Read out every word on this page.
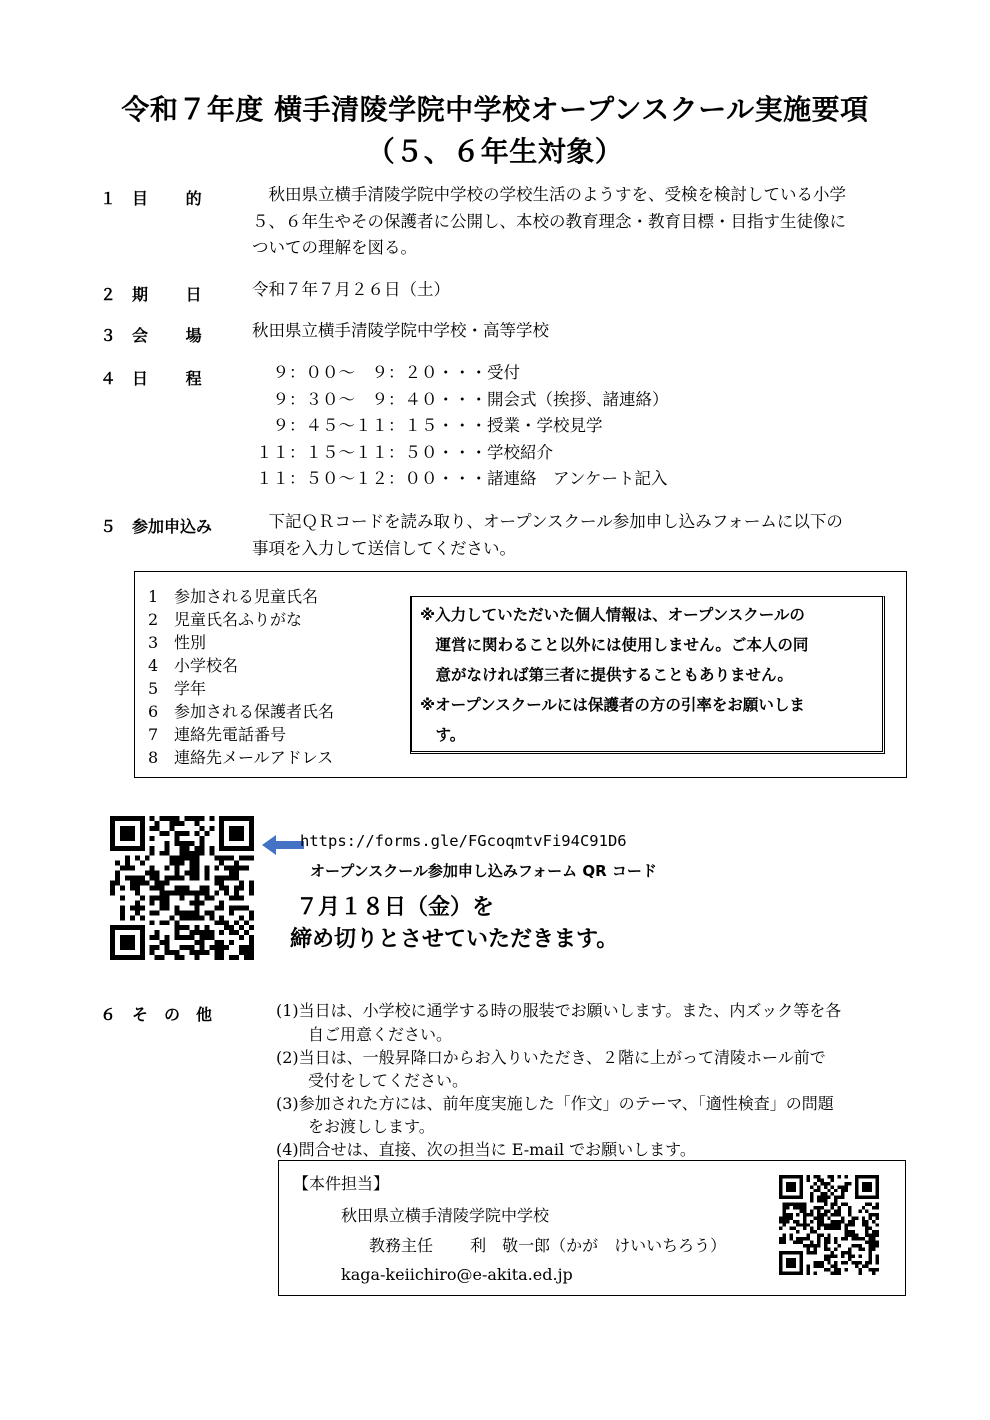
令和７年度 横手清陵学院中学校オープンスクール実施要項
（５、６年生対象）
１ 目　　 的	　秋田県立横手清陵学院中学校の学校生活のようすを、受検を検討している小学
５、６年生やその保護者に公開し、本校の教育理念・教育目標・目指す生徒像に
ついての理解を図る。
２ 期　　 日	令和７年７月２６日（土）
３ 会　　 場	秋田県立横手清陵学院中学校・高等学校
４ 日　　 程	　９：００～　９：２０・・・受付
　９：３０～　９：４０・・・開会式（挨拶、諸連絡）
　９：４５～１１：１５・・・授業・学校見学
１１：１５～１１：５０・・・学校紹介
１１：５０～１２：００・・・諸連絡　アンケート記入
５ 参加申込み 　下記ＱＲコードを読み取り、オープンスクール参加申し込みフォームに以下の
事項を入力して送信してください。
1 参加される児童氏名
2 児童氏名ふりがな
3 性別
4 小学校名
5 学年
6 参加される保護者氏名
7 連絡先電話番号
8 連絡先メールアドレス
※入力していただいた個人情報は、オープンスクールの
　運営に関わること以外には使用しません。ご本人の同
　意がなければ第三者に提供することもありません。
※オープンスクールには保護者の方の引率をお願いしま
　す。
https://forms.gle/FGcoqmtvFi94C91D6
オープンスクール参加申し込みフォーム QR コード
７月１８日（金）を
締め切りとさせていただきます。
６ そ　の　他	(1)当日は、小学校に通学する時の服装でお願いします。また、内ズック等を各
　　自ご用意ください。
(2)当日は、一般昇降口からお入りいただき、２階に上がって清陵ホール前で
　　受付をしてください。
(3)参加された方には、前年度実施した「作文」のテーマ、「適性検査」の問題
　　をお渡しします。
(4)問合せは、直接、次の担当に E-mail でお願いします。
【本件担当】
秋田県立横手清陵学院中学校
教務主任　　 利　敬一郎（かが　けいいちろう）
kaga-keiichiro@e-akita.ed.jp
